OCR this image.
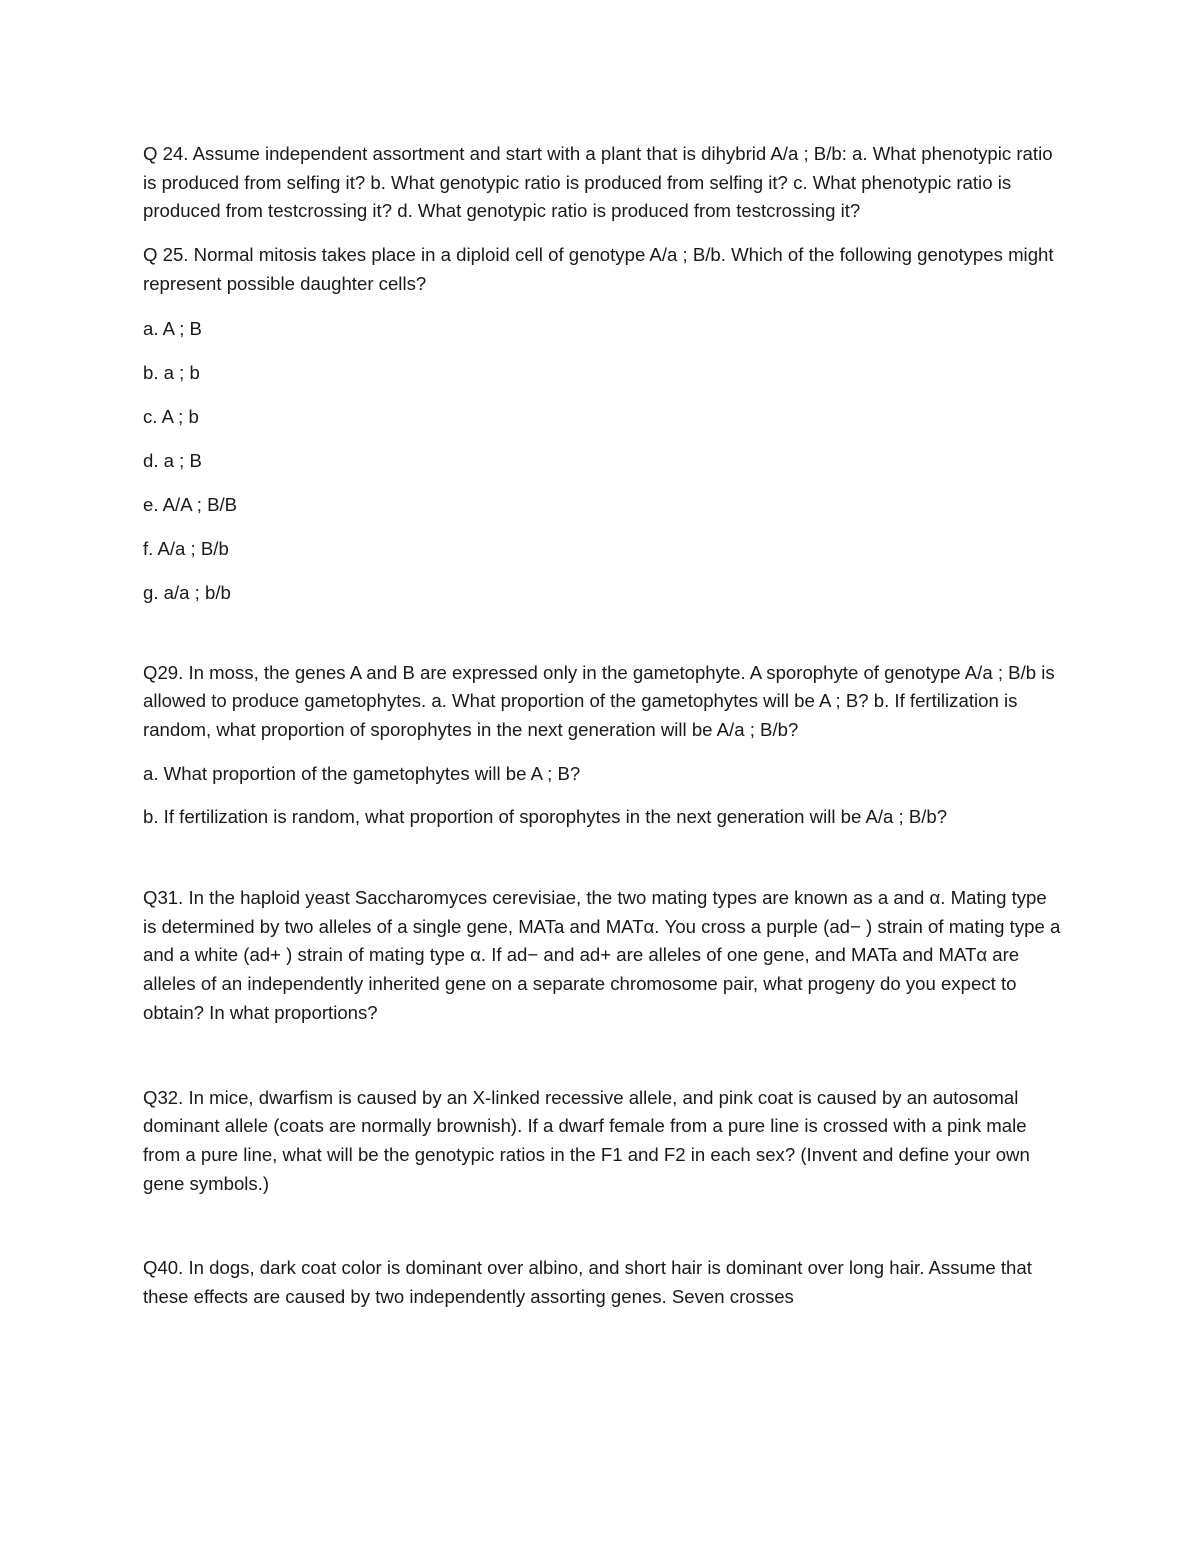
Q 24. Assume independent assortment and start with a plant that is dihybrid A/a ; B/b: a. What phenotypic ratio is produced from selfing it? b. What genotypic ratio is produced from selfing it? c. What phenotypic ratio is produced from testcrossing it? d. What genotypic ratio is produced from testcrossing it?

Q 25. Normal mitosis takes place in a diploid cell of genotype A/a ; B/b. Which of the following genotypes might represent possible daughter cells?

a. A ; B

b. a ; b

c. A ; b

d. a ; B

e. A/A ; B/B

f. A/a ; B/b

g. a/a ; b/b

Q29. In moss, the genes A and B are expressed only in the gametophyte. A sporophyte of genotype A/a ; B/b is allowed to produce gametophytes. a. What proportion of the gametophytes will be A ; B? b. If fertilization is random, what proportion of sporophytes in the next generation will be A/a ; B/b?

a. What proportion of the gametophytes will be A ; B?

b. If fertilization is random, what proportion of sporophytes in the next generation will be A/a ; B/b?

Q31. In the haploid yeast Saccharomyces cerevisiae, the two mating types are known as a and α. Mating type is determined by two alleles of a single gene, MATa and MATα. You cross a purple (ad− ) strain of mating type a and a white (ad+ ) strain of mating type α. If ad− and ad+ are alleles of one gene, and MATa and MATα are alleles of an independently inherited gene on a separate chromosome pair, what progeny do you expect to obtain? In what proportions?

Q32. In mice, dwarfism is caused by an X-linked recessive allele, and pink coat is caused by an autosomal dominant allele (coats are normally brownish). If a dwarf female from a pure line is crossed with a pink male from a pure line, what will be the genotypic ratios in the F1 and F2 in each sex? (Invent and define your own gene symbols.)

Q40. In dogs, dark coat color is dominant over albino, and short hair is dominant over long hair. Assume that these effects are caused by two independently assorting genes. Seven crosses
